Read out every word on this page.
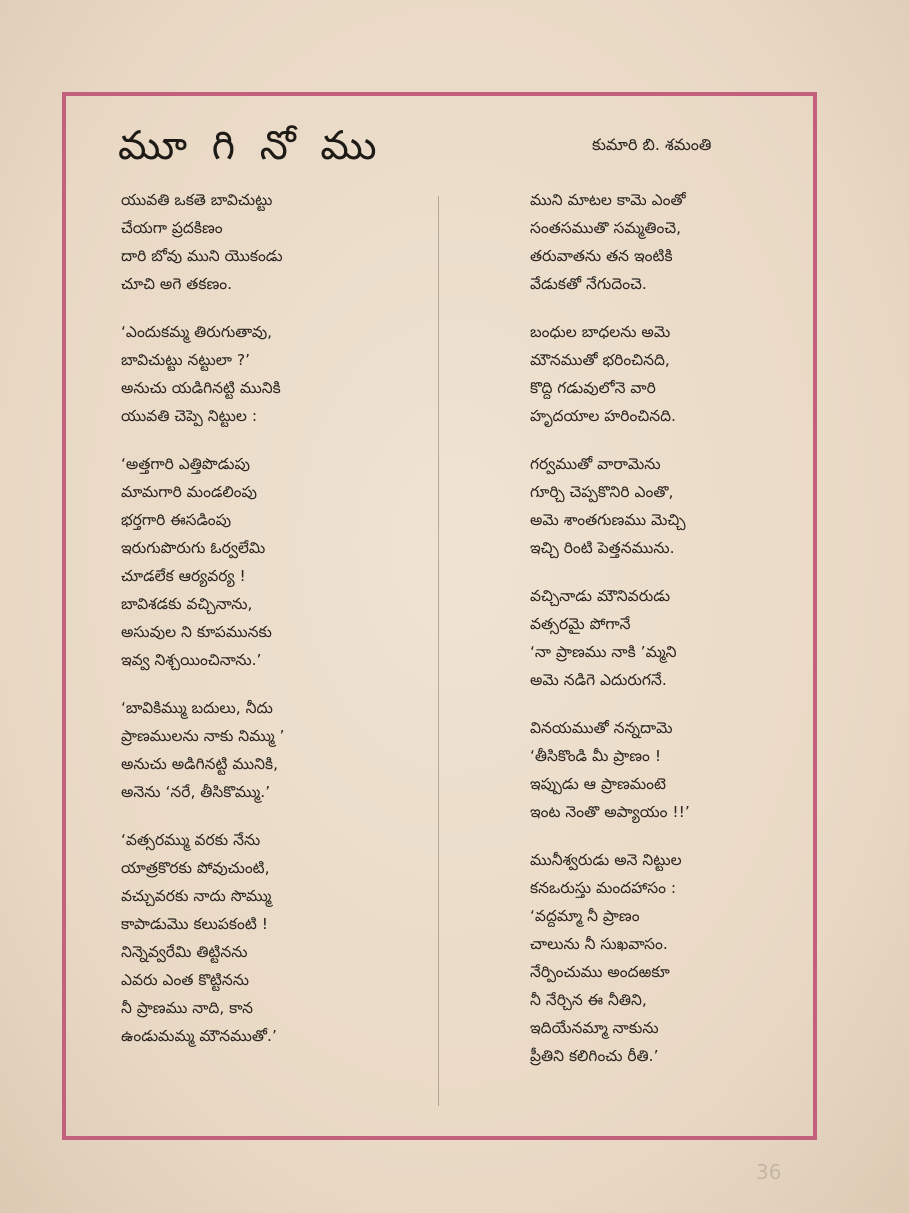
మూ గి నో ము	కుమారి బి. శమంతి
యువతి ఒకతె బావిచుట్టు
చేయగా ప్రదకిణం
దారి బోవు ముని యొకండు
చూచి అగె తకణం.
‘ఎందుకమ్మ తిరుగుతావు,
బావిచుట్టు నట్టులా ?’
అనుచు యడిగినట్టి మునికి
యువతి చెప్పె నిట్టుల :
‘అత్తగారి ఎత్తిపొడుపు
మామగారి మండలింపు
భర్తగారి ఈసడింపు
ఇరుగుపొరుగు ఓర్వలేమి
చూడలేక ఆర్యవర్య !
బావిశడకు వచ్చినాను,
అసువుల ని కూపమునకు
ఇవ్వ నిశ్చయించినాను.’
‘బావికిమ్ము బదులు, నీదు
ప్రాణములను నాకు నిమ్ము ’
అనుచు అడిగినట్టి మునికి,
అనెను ‘నరే, తీసికొమ్ము.’
‘వత్సరమ్ము వరకు నేను
యాత్రకొరకు పోవుచుంటి,
వచ్చువరకు నాదు సొమ్ము
కాపాడుమెు కలుపకంటి !
నిన్నెవ్వరేమి తిట్టినను
ఎవరు ఎంత కొట్టినను
నీ ప్రాణము నాది, కాన
ఉండుమమ్మ మౌనముతో.’
ముని మాటల కామె ఎంతో
సంతసముతొ సమ్మతించె,
తరువాతను తన ఇంటికి
వేడుకతో నేగుదెంచె.
బంధుల బాధలను అమె
మౌనముతో భరించినది,
కొద్ది గడువులోనె వారి
హృదయాల హరించినది.
గర్వముతో వారామెను
గూర్చి చెప్పకొనిరి ఎంతొ,
అమె శాంతగుణము మెచ్చి
ఇచ్చి రింటి పెత్తనమును.
వచ్చినాడు మౌనివరుడు
వత్సరమై పోగానే
‘నా ప్రాణము నాకి ’మ్మని
అమె నడిగె ఎదురుగనే.
వినయముతో నన్నదామె
‘తీసికొండి మీ ప్రాణం !
ఇప్పుడు ఆ ప్రాణమంటె
ఇంట నెంతొ అప్యాయం !!’
మునీశ్వరుడు అనె నిట్టుల
కనఒరుస్తు మందహాసం :
‘వద్దమ్మా నీ ప్రాణం
చాలును నీ సుఖవాసం.
నేర్పించుము అందఱకూ
నీ నేర్చిన ఈ నీతిని,
ఇదియేనమ్మా నాకును
ప్రీతిని కలిగించు రీతి.’
36
